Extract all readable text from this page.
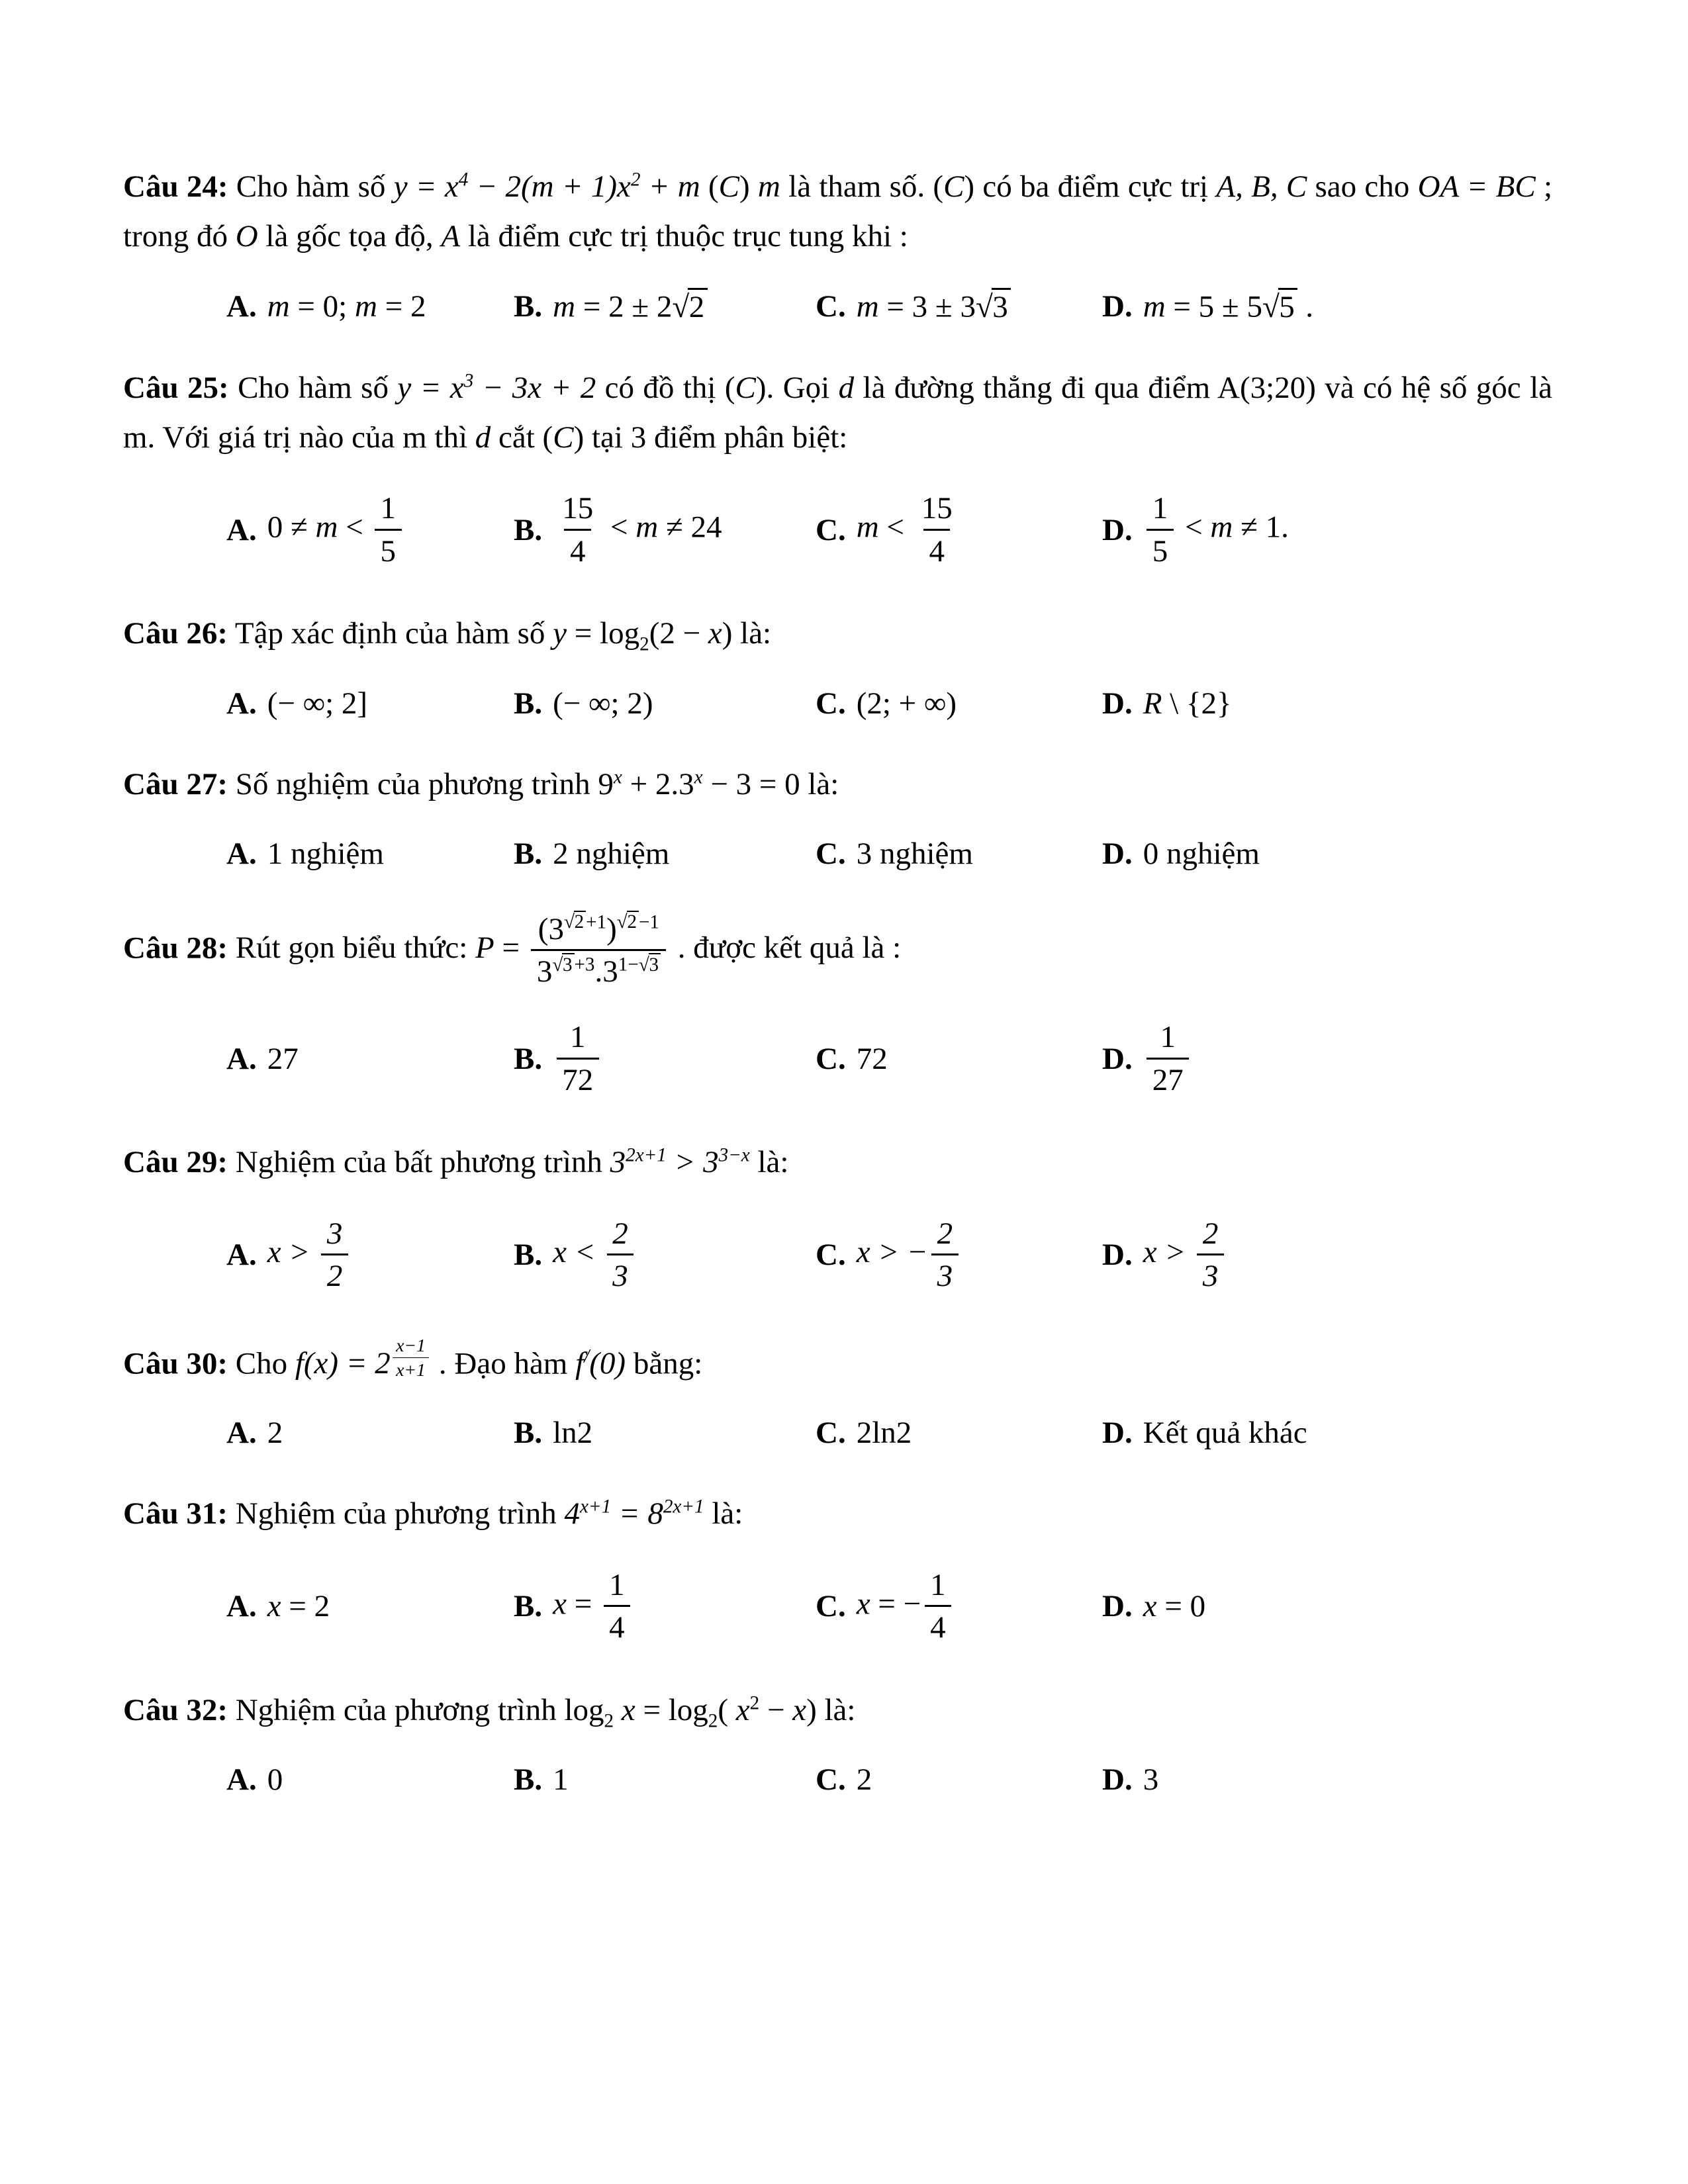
Câu 24: Cho hàm số $y = x^4 - 2(m + 1)x^2 + m$ (C) m là tham số. (C) có ba điểm cực trị A, B, C sao cho OA = BC ; trong đó O là gốc tọa độ, A là điểm cực trị thuộc trục tung khi :

A. m = 0; m = 2	B. m = 2 ± 2√2	C. m = 3 ± 3√3	D. m = 5 ± 5√5 .

Câu 25: Cho hàm số $y = x^3 - 3x + 2$ có đồ thị (C). Gọi d là đường thẳng đi qua điểm A(3;20) và có hệ số góc là m. Với giá trị nào của m thì d cắt (C) tại 3 điểm phân biệt:

A. $0 \ne m < \frac{1}{5}$	B. $\frac{15}{4} < m \ne 24$	C. $m < \frac{15}{4}$	D. $\frac{1}{5} < m \ne 1$.

Câu 26: Tập xác định của hàm số $y = \log_2(2 - x)$ là:

A. (− ∞; 2]	B. (− ∞; 2)	C. (2; + ∞)	D. R \ {2}

Câu 27: Số nghiệm của phương trình $9^x + 2.3^x - 3 = 0$ là:

A. 1 nghiệm	B. 2 nghiệm	C. 3 nghiệm	D. 0 nghiệm

Câu 28: Rút gọn biểu thức: $P = \frac{(3^{√2+1})^{√2-1}}{3^{√3+3}.3^{1-√3}}$ . được kết quả là :

A. 27	B. $\frac{1}{72}$	C. 72	D. $\frac{1}{27}$

Câu 29: Nghiệm của bất phương trình $3^{2x+1} > 3^{3-x}$ là:

A. $x > \frac{3}{2}$	B. $x < \frac{2}{3}$	C. x > − $\frac{2}{3}$	D. $x > \frac{2}{3}$

Câu 30: Cho f(x) = 2 $^{\frac{x-1}{x+1}}$ . Đạo hàm f/(0) bằng:

A. 2	B. ln2	C. 2ln2	D. Kết quả khác

Câu 31: Nghiệm của phương trình $4^{x+1} = 8^{2x+1}$ là:

A. x = 2	B. $x = \frac{1}{4}$	C. x = − $\frac{1}{4}$	D. x = 0

Câu 32: Nghiệm của phương trình $\log_2 x = \log_2$( $x^2 - x$) là:

A. 0	B. 1	C. 2	D. 3
